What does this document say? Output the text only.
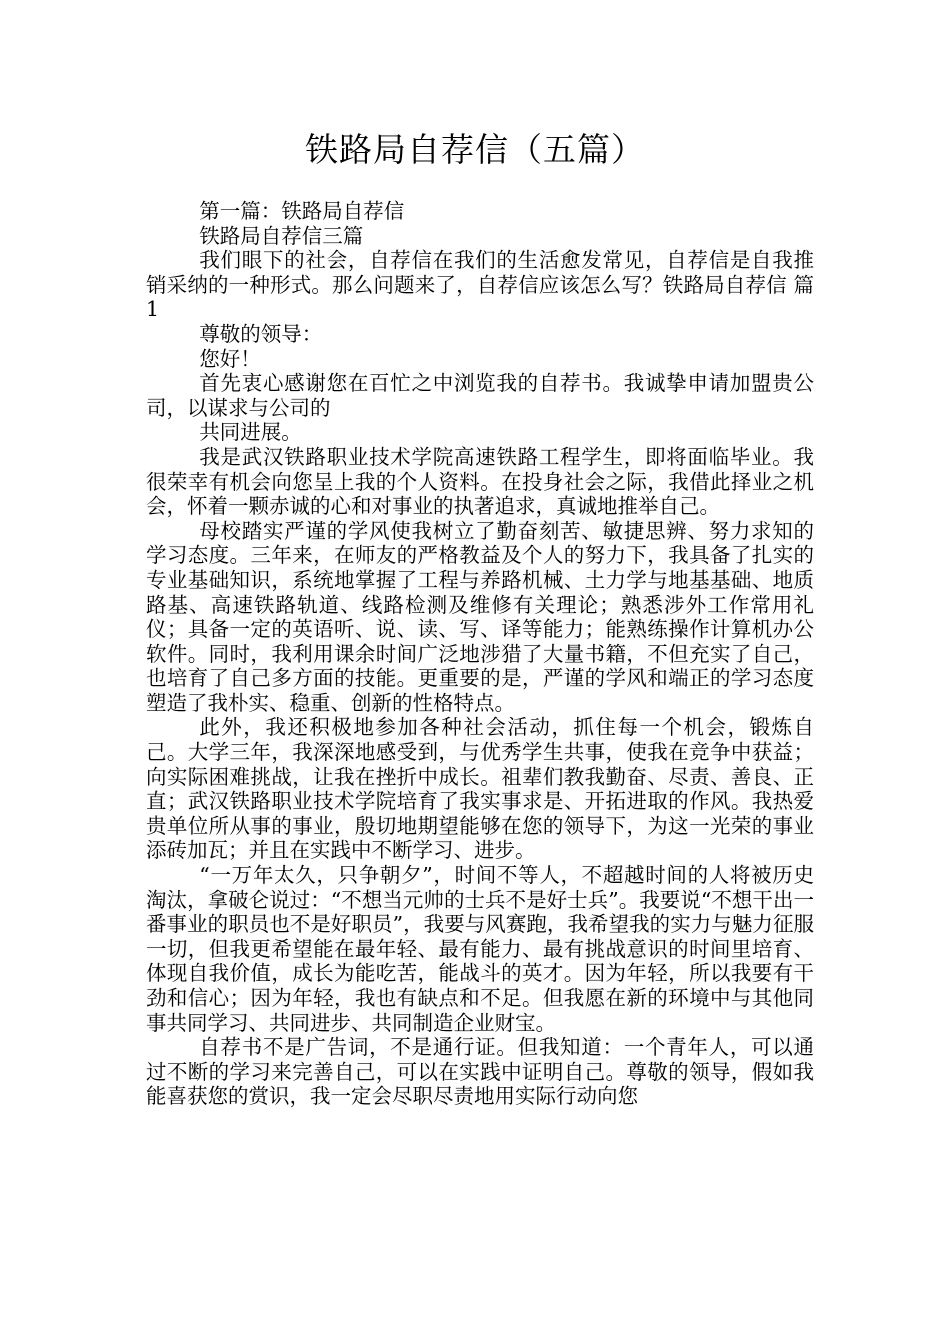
铁路局自荐信（五篇）

第一篇：铁路局自荐信

铁路局自荐信三篇

我们眼下的社会，自荐信在我们的生活愈发常见，自荐信是自我推销采纳的一种形式。那么问题来了，自荐信应该怎么写？铁路局自荐信 篇1

尊敬的领导：

您好！

首先衷心感谢您在百忙之中浏览我的自荐书。我诚挚申请加盟贵公司，以谋求与公司的

共同进展。

我是武汉铁路职业技术学院高速铁路工程学生，即将面临毕业。我很荣幸有机会向您呈上我的个人资料。在投身社会之际，我借此择业之机会，怀着一颗赤诚的心和对事业的执著追求，真诚地推举自己。

母校踏实严谨的学风使我树立了勤奋刻苦、敏捷思辨、努力求知的学习态度。三年来，在师友的严格教益及个人的努力下，我具备了扎实的专业基础知识，系统地掌握了工程与养路机械、土力学与地基基础、地质路基、高速铁路轨道、线路检测及维修有关理论；熟悉涉外工作常用礼仪；具备一定的英语听、说、读、写、译等能力；能熟练操作计算机办公软件。同时，我利用课余时间广泛地涉猎了大量书籍，不但充实了自己，也培育了自己多方面的技能。更重要的是，严谨的学风和端正的学习态度塑造了我朴实、稳重、创新的性格特点。

此外，我还积极地参加各种社会活动，抓住每一个机会，锻炼自己。大学三年，我深深地感受到，与优秀学生共事，使我在竞争中获益；向实际困难挑战，让我在挫折中成长。祖辈们教我勤奋、尽责、善良、正直；武汉铁路职业技术学院培育了我实事求是、开拓进取的作风。我热爱贵单位所从事的事业，殷切地期望能够在您的领导下，为这一光荣的事业添砖加瓦；并且在实践中不断学习、进步。

“一万年太久，只争朝夕”，时间不等人，不超越时间的人将被历史淘汰，拿破仑说过：“不想当元帅的士兵不是好士兵”。我要说“不想干出一番事业的职员也不是好职员”，我要与风赛跑，我希望我的实力与魅力征服一切，但我更希望能在最年轻、最有能力、最有挑战意识的时间里培育、体现自我价值，成长为能吃苦，能战斗的英才。因为年轻，所以我要有干劲和信心；因为年轻，我也有缺点和不足。但我愿在新的环境中与其他同事共同学习、共同进步、共同制造企业财宝。

自荐书不是广告词，不是通行证。但我知道：一个青年人，可以通过不断的学习来完善自己，可以在实践中证明自己。尊敬的领导，假如我能喜获您的赏识，我一定会尽职尽责地用实际行动向您
